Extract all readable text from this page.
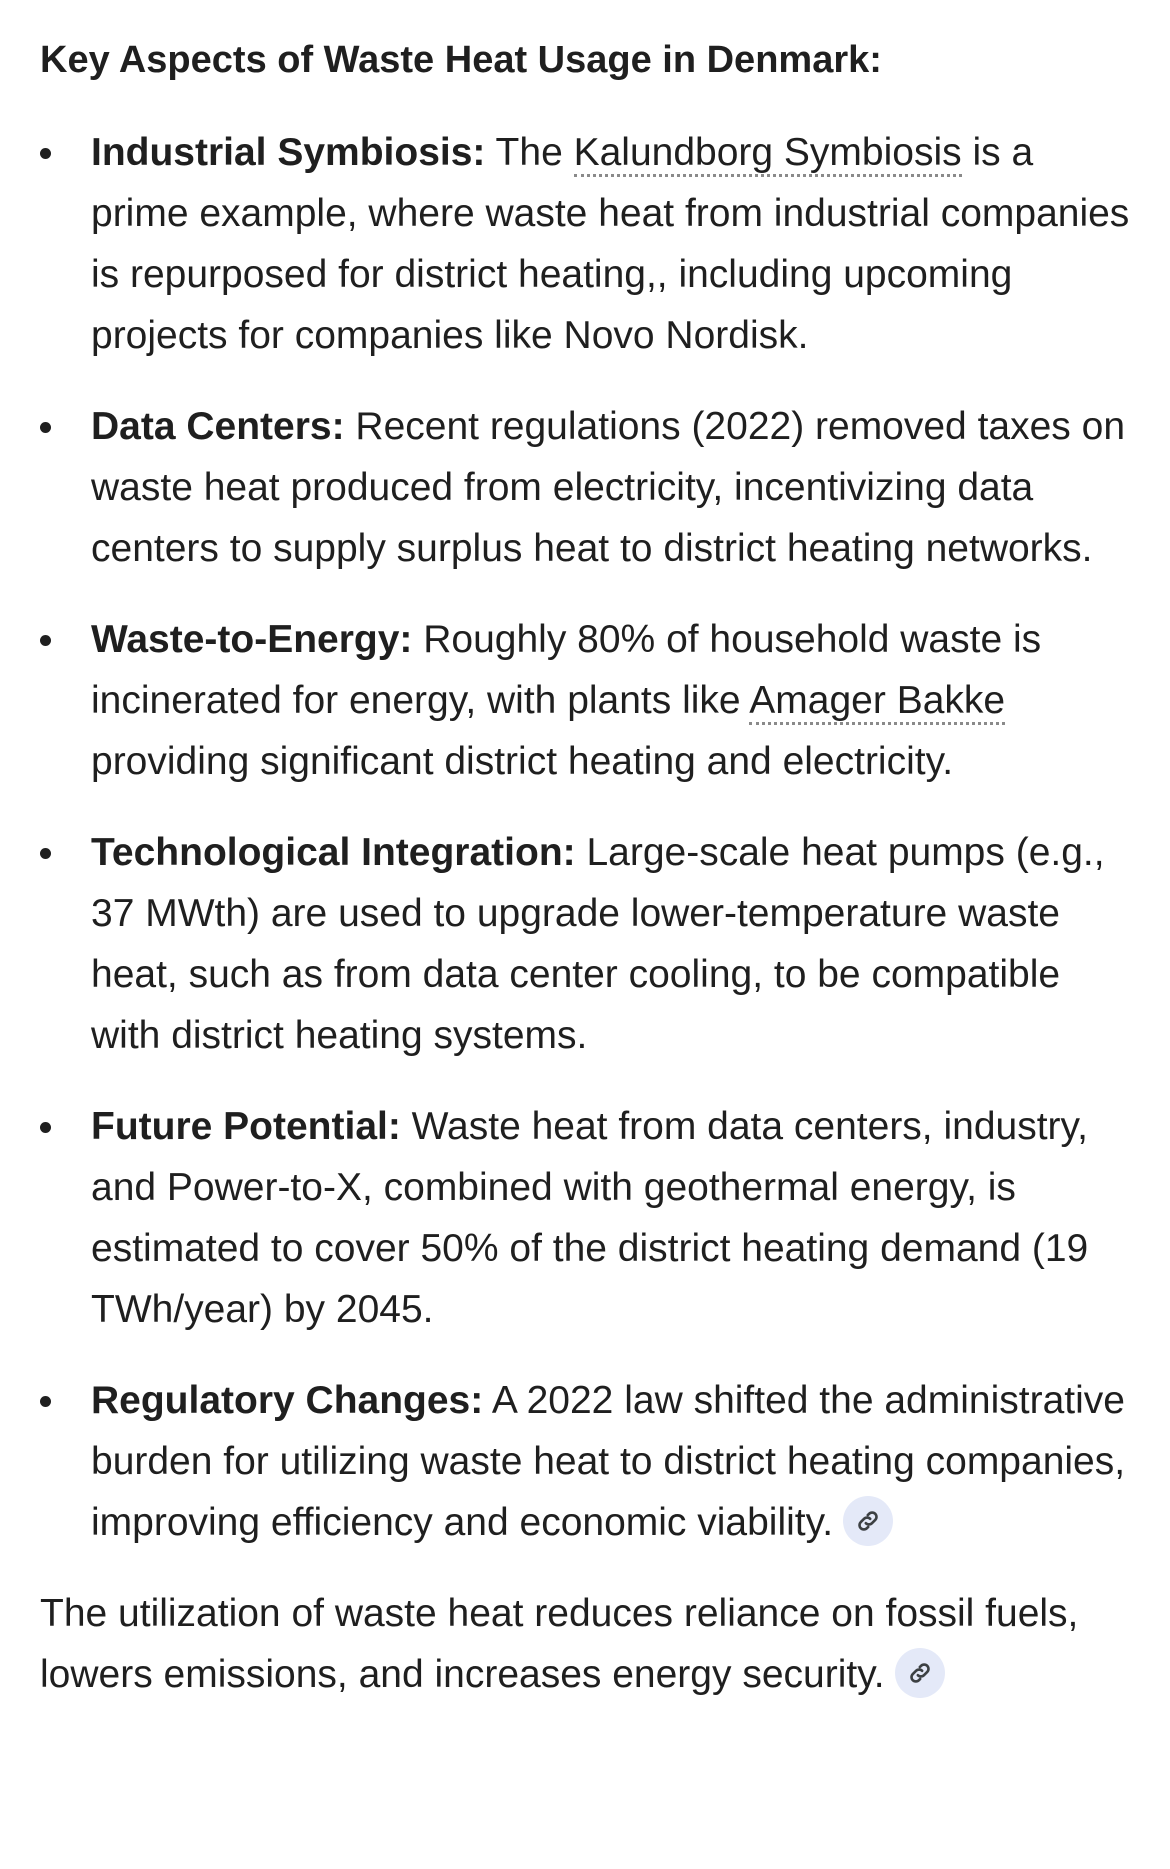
Key Aspects of Waste Heat Usage in Denmark:
Industrial Symbiosis: The Kalundborg Symbiosis is a prime example, where waste heat from industrial companies is repurposed for district heating,, including upcoming projects for companies like Novo Nordisk.
Data Centers: Recent regulations (2022) removed taxes on waste heat produced from electricity, incentivizing data centers to supply surplus heat to district heating networks.
Waste-to-Energy: Roughly 80% of household waste is incinerated for energy, with plants like Amager Bakke providing significant district heating and electricity.
Technological Integration: Large-scale heat pumps (e.g., 37 MWth) are used to upgrade lower-temperature waste heat, such as from data center cooling, to be compatible with district heating systems.
Future Potential: Waste heat from data centers, industry, and Power-to-X, combined with geothermal energy, is estimated to cover 50% of the district heating demand (19 TWh/year) by 2045.
Regulatory Changes: A 2022 law shifted the administrative burden for utilizing waste heat to district heating companies, improving efficiency and economic viability.

The utilization of waste heat reduces reliance on fossil fuels, lowers emissions, and increases energy security.
